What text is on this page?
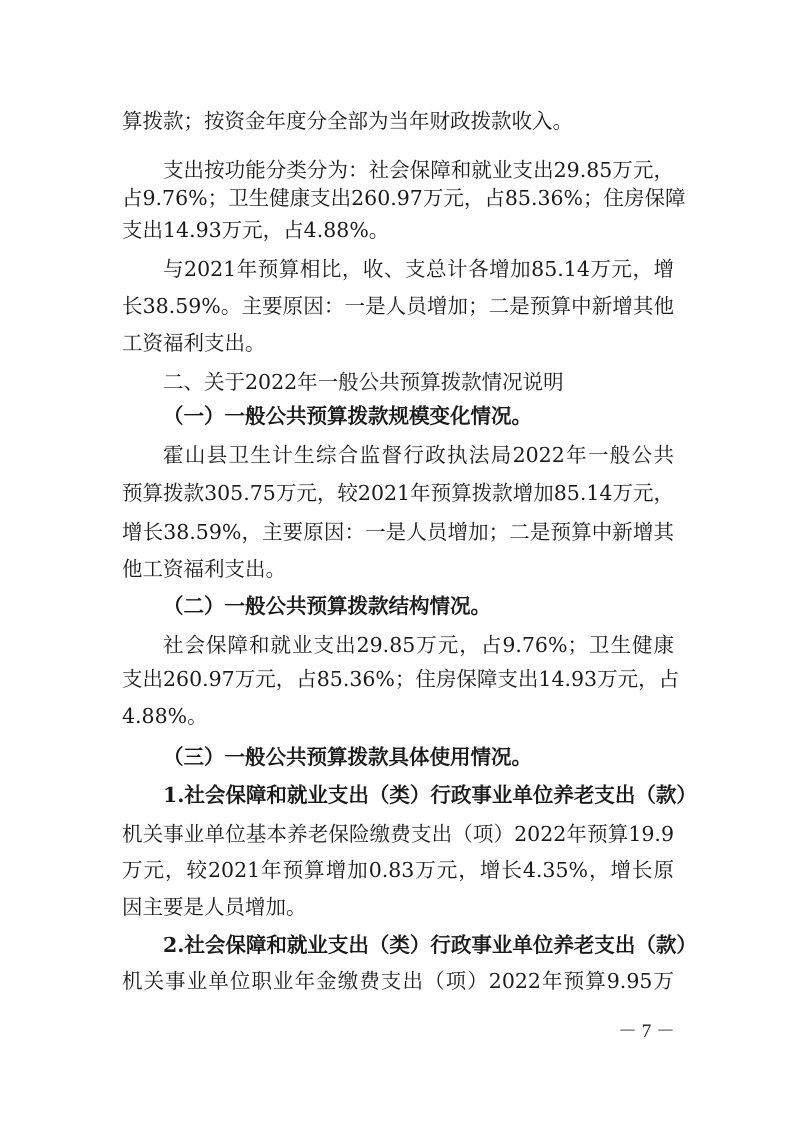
算拨款；按资金年度分全部为当年财政拨款收入。
支出按功能分类分为：社会保障和就业支出29.85万元，
占9.76%；卫生健康支出260.97万元，占85.36%；住房保障
支出14.93万元，占4.88%。
与2021年预算相比，收、支总计各增加85.14万元，增
长38.59%。主要原因：一是人员增加；二是预算中新增其他
工资福利支出。
二、关于2022年一般公共预算拨款情况说明
（一）一般公共预算拨款规模变化情况。
霍山县卫生计生综合监督行政执法局2022年一般公共
预算拨款305.75万元，较2021年预算拨款增加85.14万元，
增长38.59%，主要原因：一是人员增加；二是预算中新增其
他工资福利支出。
（二）一般公共预算拨款结构情况。
社会保障和就业支出29.85万元，占9.76%；卫生健康
支出260.97万元，占85.36%；住房保障支出14.93万元，占
4.88%。
（三）一般公共预算拨款具体使用情况。
1.社会保障和就业支出（类）行政事业单位养老支出（款）
机关事业单位基本养老保险缴费支出（项）2022年预算19.9
万元，较2021年预算增加0.83万元，增长4.35%，增长原
因主要是人员增加。
2.社会保障和就业支出（类）行政事业单位养老支出（款）
机关事业单位职业年金缴费支出（项）2022年预算9.95万
－ 7 －
